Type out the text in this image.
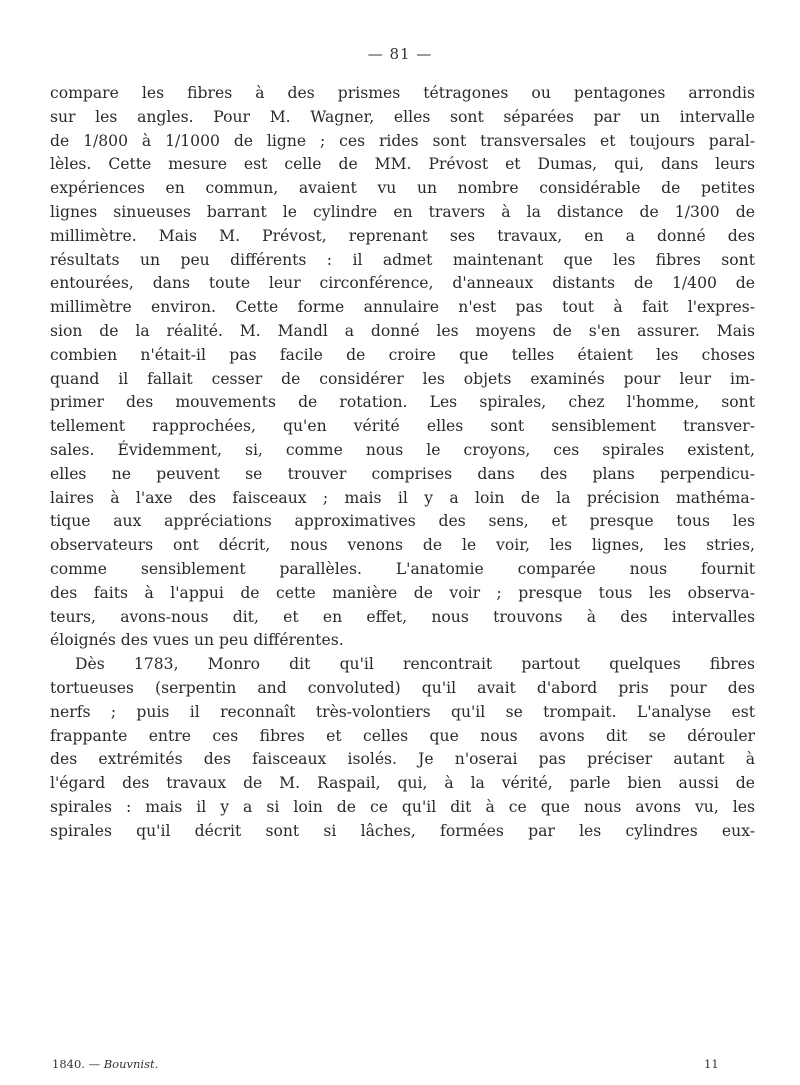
— 81 —
compare les fibres à des prismes tétragones ou pentagones arrondis
sur les angles. Pour M. Wagner, elles sont séparées par un intervalle
de 1/800 à 1/1000 de ligne ; ces rides sont transversales et toujours paral-
lèles. Cette mesure est celle de MM. Prévost et Dumas, qui, dans leurs
expériences en commun, avaient vu un nombre considérable de petites
lignes sinueuses barrant le cylindre en travers à la distance de 1/300 de
millimètre. Mais M. Prévost, reprenant ses travaux, en a donné des
résultats un peu différents : il admet maintenant que les fibres sont
entourées, dans toute leur circonférence, d'anneaux distants de 1/400 de
millimètre environ. Cette forme annulaire n'est pas tout à fait l'expres-
sion de la réalité. M. Mandl a donné les moyens de s'en assurer. Mais
combien n'était-il pas facile de croire que telles étaient les choses
quand il fallait cesser de considérer les objets examinés pour leur im-
primer des mouvements de rotation. Les spirales, chez l'homme, sont
tellement rapprochées, qu'en vérité elles sont sensiblement transver-
sales. Évidemment, si, comme nous le croyons, ces spirales existent,
elles ne peuvent se trouver comprises dans des plans perpendicu-
laires à l'axe des faisceaux ; mais il y a loin de la précision mathéma-
tique aux appréciations approximatives des sens, et presque tous les
observateurs ont décrit, nous venons de le voir, les lignes, les stries,
comme sensiblement parallèles. L'anatomie comparée nous fournit
des faits à l'appui de cette manière de voir ; presque tous les observa-
teurs, avons-nous dit, et en effet, nous trouvons à des intervalles
éloignés des vues un peu différentes.
Dès 1783, Monro dit qu'il rencontrait partout quelques fibres
tortueuses (serpentin and convoluted) qu'il avait d'abord pris pour des
nerfs ; puis il reconnaît très-volontiers qu'il se trompait. L'analyse est
frappante entre ces fibres et celles que nous avons dit se dérouler
des extrémités des faisceaux isolés. Je n'oserai pas préciser autant à
l'égard des travaux de M. Raspail, qui, à la vérité, parle bien aussi de
spirales : mais il y a si loin de ce qu'il dit à ce que nous avons vu, les
spirales qu'il décrit sont si lâches, formées par les cylindres eux-
1840. — Bouvnist.	11
